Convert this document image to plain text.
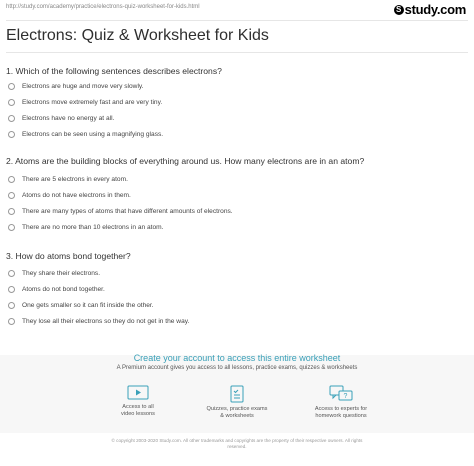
http://study.com/academy/practice/electrons-quiz-worksheet-for-kids.html	S study.com
Electrons: Quiz & Worksheet for Kids
1. Which of the following sentences describes electrons?
Electrons are huge and move very slowly.
Electrons move extremely fast and are very tiny.
Electrons have no energy at all.
Electrons can be seen using a magnifying glass.
2. Atoms are the building blocks of everything around us. How many electrons are in an atom?
There are 5 electrons in every atom.
Atoms do not have electrons in them.
There are many types of atoms that have different amounts of electrons.
There are no more than 10 electrons in an atom.
3. How do atoms bond together?
They share their electrons.
Atoms do not bond together.
One gets smaller so it can fit inside the other.
They lose all their electrons so they do not get in the way.
Create your account to access this entire worksheet
A Premium account gives you access to all lessons, practice exams, quizzes & worksheets
Access to all
video lessons
Quizzes, practice exams
& worksheets
?
Access to experts for
homework questions
© copyright 2003-2020 Study.com. All other trademarks and copyrights are the property of their respective owners. All rights
reserved.
